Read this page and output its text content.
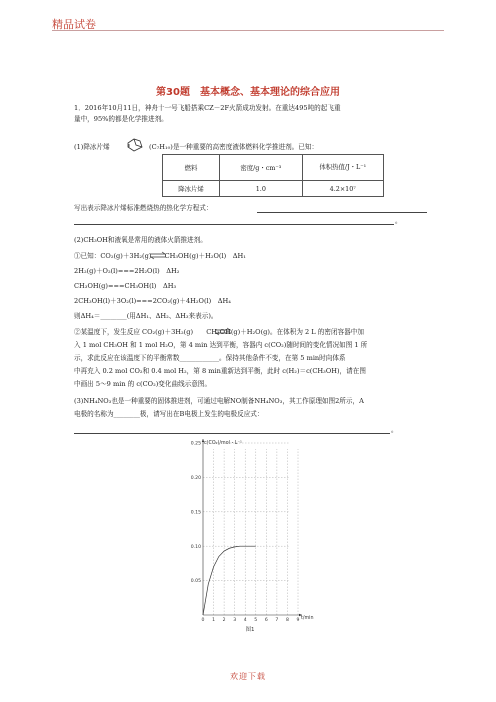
精品试卷
第30题　基本概念、基本理论的综合应用
1．2016年10月11日，神舟十一号飞船搭乘CZ－2F火箭成功发射。在重达495吨的起飞重
量中，95%的都是化学推进剂。
(1)降冰片烯	(C₇H₁₀) 是一种重要的高密度液体燃料化学推进剂。已知：
燃料	密度/g・cm⁻³	体积热值/J・L⁻¹
降冰片烯	1.0	4.2×10⁷
写出表示降冰片烯标准燃烧热的热化学方程式：
。
(2)CH₃OH和液氧是常用的液体火箭推进剂。
①已知：CO₂(g)＋3H₂(g)　　CH₃OH(g)＋H₂O(l)　ΔH₁
2H₂(g)＋O₂(l)===2H₂O(l)　ΔH₂
CH₃OH(g)===CH₃OH(l)　ΔH₃
2CH₃OH(l)＋3O₂(l)===2CO₂(g)＋4H₂O(l)　ΔH₄
则ΔH₄＝________(用ΔH₁、ΔH₂、ΔH₃来表示)。
②某温度下，发生反应 CO₂(g)＋3H₂(g)　　CH₃OH(g)＋H₂O(g)。在体积为 2 L 的密闭容器中加
入 1 mol CH₃OH 和 1 mol H₂O，第 4 min 达到平衡，容器内 c(CO₂)随时间的变化情况如图 1 所
示，求此反应在该温度下的平衡常数____________。保持其他条件不变，在第 5 min时向体系
中再充入 0.2 mol CO₂和 0.4 mol H₂，第 8 min重新达到平衡，此时 c(H₂)＝c(CH₃OH)，请在图
中画出 5～9 min 的 c(CO₂)变化曲线示意图。
(3)NH₄NO₃也是一种重要的固体推进剂，可通过电解NO制备NH₄NO₃，其工作原理如图2所示，A
电极的名称为________极，请写出在B电极上发生的电极反应式：
。
c(CO₂)/mol・L⁻¹
t/min
图1
0.05
0.10
0.15
0.20
0.25
0 1 2 3 4 5 6 7 8 9
欢迎下载
